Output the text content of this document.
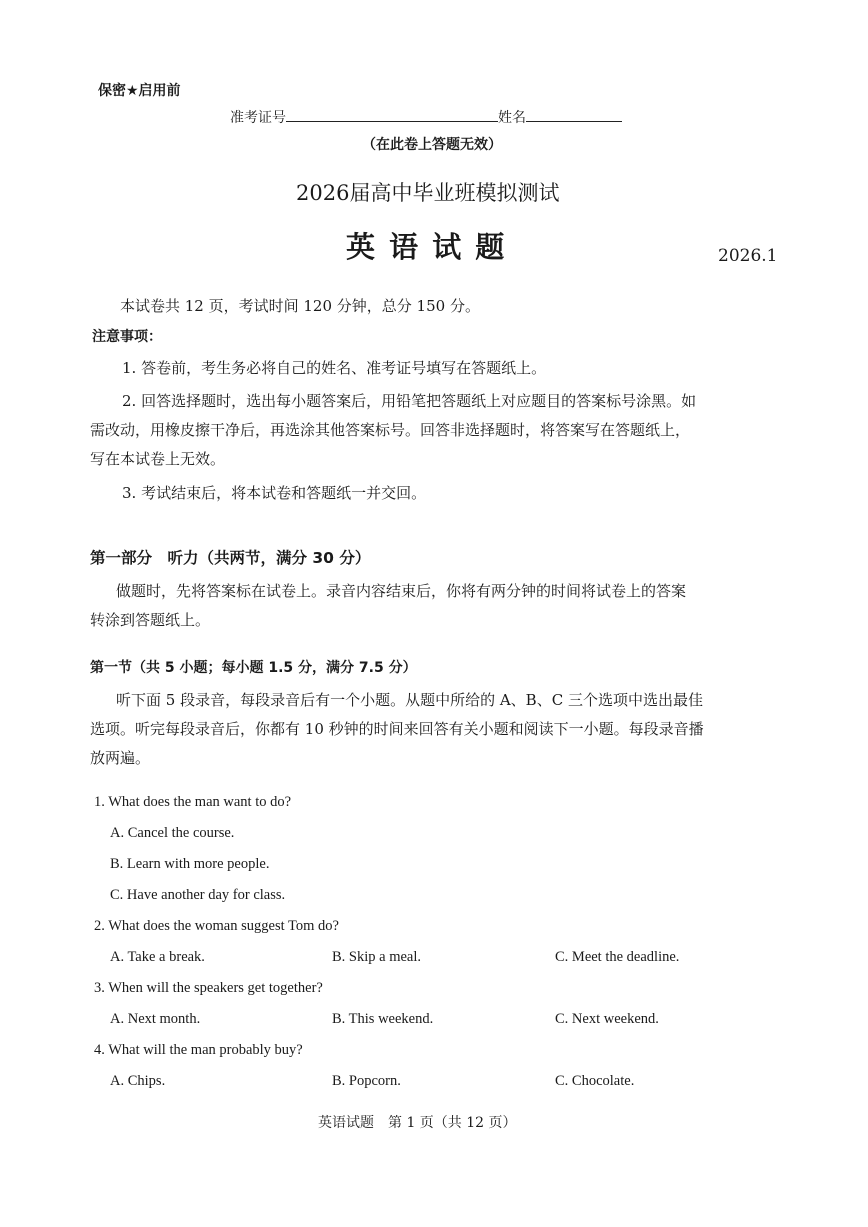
保密★启用前
准考证号	姓名
（在此卷上答题无效）
2026届高中毕业班模拟测试
英 语 试 题	2026.1
本试卷共 12 页，考试时间 120 分钟，总分 150 分。
注意事项：
1. 答卷前，考生务必将自己的姓名、准考证号填写在答题纸上。
2. 回答选择题时，选出每小题答案后，用铅笔把答题纸上对应题目的答案标号涂黑。如
需改动，用橡皮擦干净后，再选涂其他答案标号。回答非选择题时，将答案写在答题纸上，
写在本试卷上无效。
3. 考试结束后，将本试卷和答题纸一并交回。
第一部分　听力（共两节，满分 30 分）
做题时，先将答案标在试卷上。录音内容结束后，你将有两分钟的时间将试卷上的答案
转涂到答题纸上。
第一节（共 5 小题；每小题 1.5 分，满分 7.5 分）
听下面 5 段录音，每段录音后有一个小题。从题中所给的 A、B、C 三个选项中选出最佳
选项。听完每段录音后，你都有 10 秒钟的时间来回答有关小题和阅读下一小题。每段录音播
放两遍。
1. What does the man want to do?
A. Cancel the course.
B. Learn with more people.
C. Have another day for class.
2. What does the woman suggest Tom do?
A. Take a break.	B. Skip a meal.	C. Meet the deadline.
3. When will the speakers get together?
A. Next month.	B. This weekend.	C. Next weekend.
4. What will the man probably buy?
A. Chips.	B. Popcorn.	C. Chocolate.
英语试题　第 1 页（共 12 页）
